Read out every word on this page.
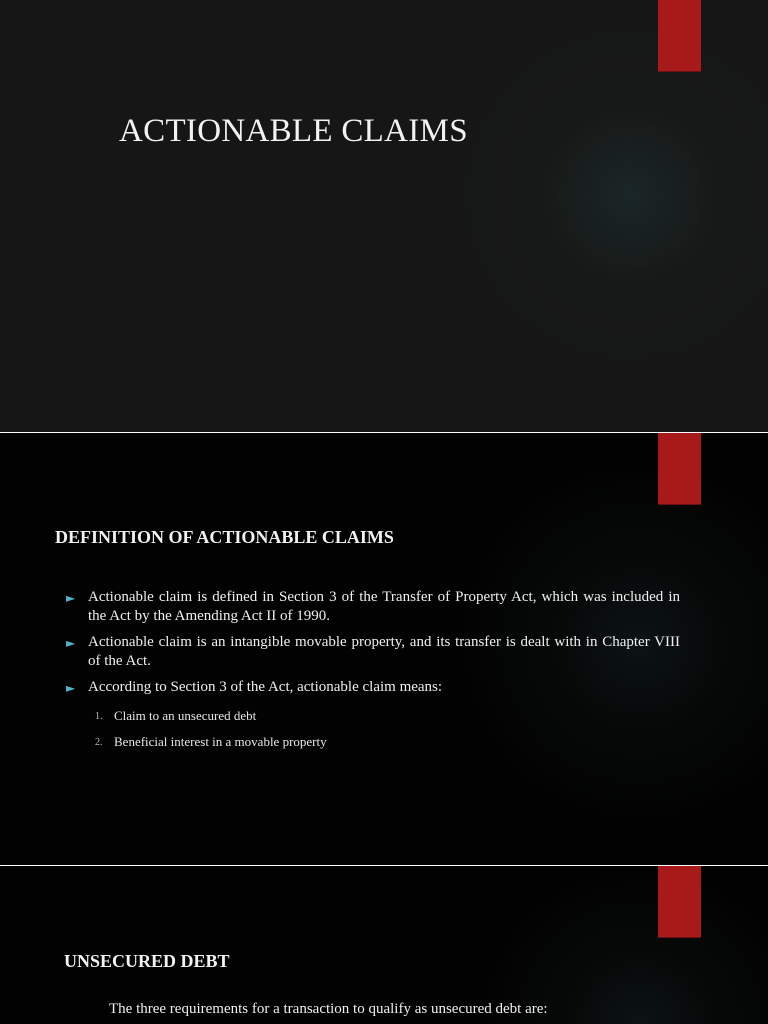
ACTIONABLE CLAIMS
DEFINITION OF ACTIONABLE CLAIMS
► Actionable claim is defined in Section 3 of the Transfer of Property Act, which was included in the Act by the Amending Act II of 1990.
► Actionable claim is an intangible movable property, and its transfer is dealt with in Chapter VIII of the Act.
► According to Section 3 of the Act, actionable claim means:
1. Claim to an unsecured debt
2. Beneficial interest in a movable property
UNSECURED DEBT

The three requirements for a transaction to qualify as unsecured debt are:
